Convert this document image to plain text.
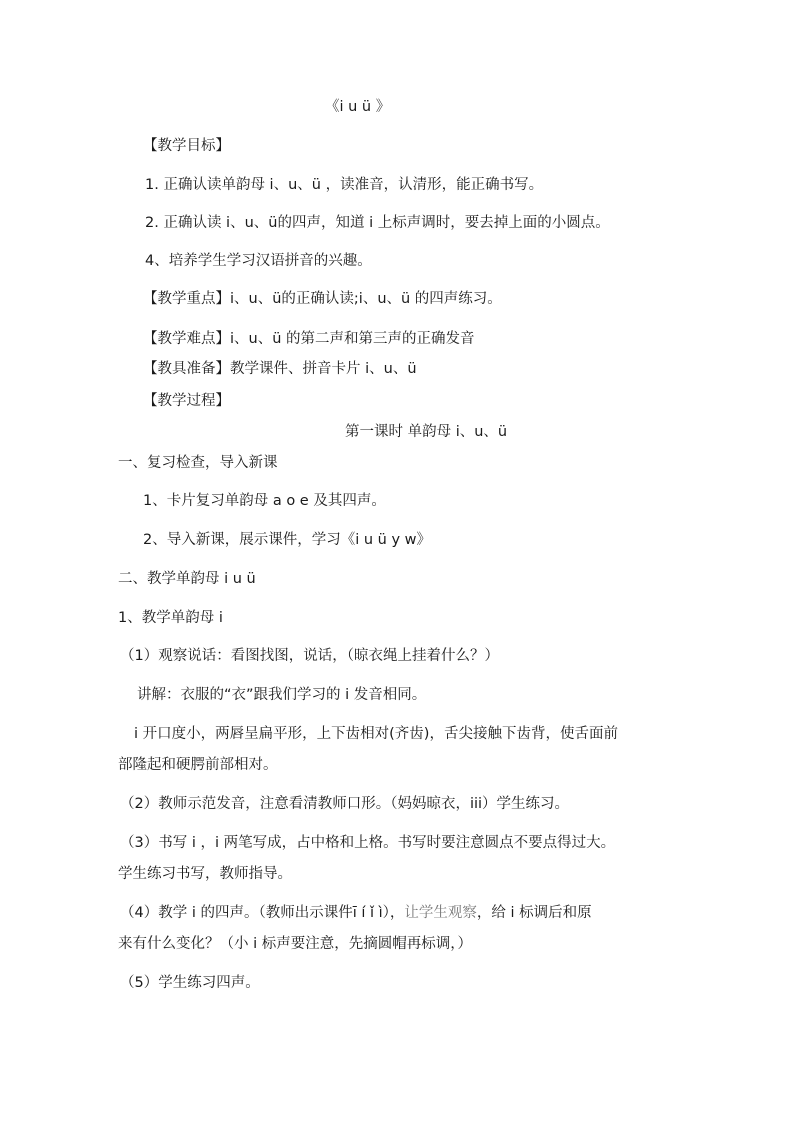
《i u ü 》
【教学目标】
1. 正确认读单韵母 i、u、ü ，读准音，认清形，能正确书写。
2. 正确认读 i、u、ü的四声，知道 i 上标声调时，要去掉上面的小圆点。
4、培养学生学习汉语拼音的兴趣。
【教学重点】i、u、ü的正确认读;i、u、ü 的四声练习。
【教学难点】i、u、ü 的第二声和第三声的正确发音
【教具准备】教学课件、拼音卡片 i、u、ü
【教学过程】
第一课时 单韵母 i、u、ü
一、复习检查，导入新课
1、卡片复习单韵母 a o e 及其四声。
2、导入新课，展示课件，学习《i u ü y w》
二、教学单韵母 i u ü
1、教学单韵母 i
（1）观察说话：看图找图，说话，（晾衣绳上挂着什么？）
讲解：衣服的“衣”跟我们学习的 i 发音相同。
i 开口度小，两唇呈扁平形，上下齿相对(齐齿)，舌尖接触下齿背，使舌面前
部隆起和硬腭前部相对。
（2）教师示范发音，注意看清教师口形。（妈妈晾衣，iii）学生练习。
（3）书写 i ，i 两笔写成，占中格和上格。书写时要注意圆点不要点得过大。
学生练习书写，教师指导。
（4）教学 i 的四声。（教师出示课件ī í ǐ ì），让学生观察，给 i 标调后和原
来有什么变化？（小 i 标声要注意，先摘圆帽再标调，）
（5）学生练习四声。
